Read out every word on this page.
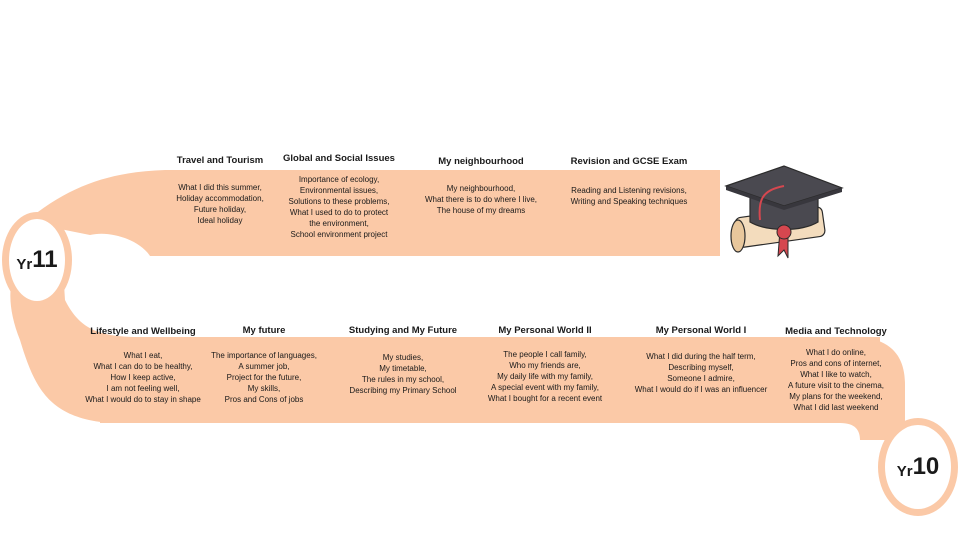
Yr 11
Yr 10
Travel and Tourism
What I did this summer,
Holiday accommodation,
Future holiday,
Ideal holiday
Global and Social Issues
Importance of ecology,
Environmental issues,
Solutions to these problems,
What I used to do to protect
the environment,
School environment project
My neighbourhood
My neighbourhood,
What there is to do where I live,
The house of my dreams
Revision and GCSE Exam
Reading and Listening revisions,
Writing and Speaking techniques
Lifestyle and Wellbeing
What I eat,
What I can do to be healthy,
How I keep active,
I am not feeling well,
What I would do to stay in shape
My future
The importance of languages,
A summer job,
Project for the future,
My skills,
Pros and Cons of jobs
Studying and My Future
My studies,
My timetable,
The rules in my school,
Describing my Primary School
My Personal World II
The people I call family,
Who my friends are,
My daily life with my family,
A special event with my family,
What I bought for a recent event
My Personal World I
What I did during the half term,
Describing myself,
Someone I admire,
What I would do if I was an influencer
Media and Technology
What I do online,
Pros and cons of internet,
What I like to watch,
A future visit to the cinema,
My plans for the weekend,
What I did last weekend
